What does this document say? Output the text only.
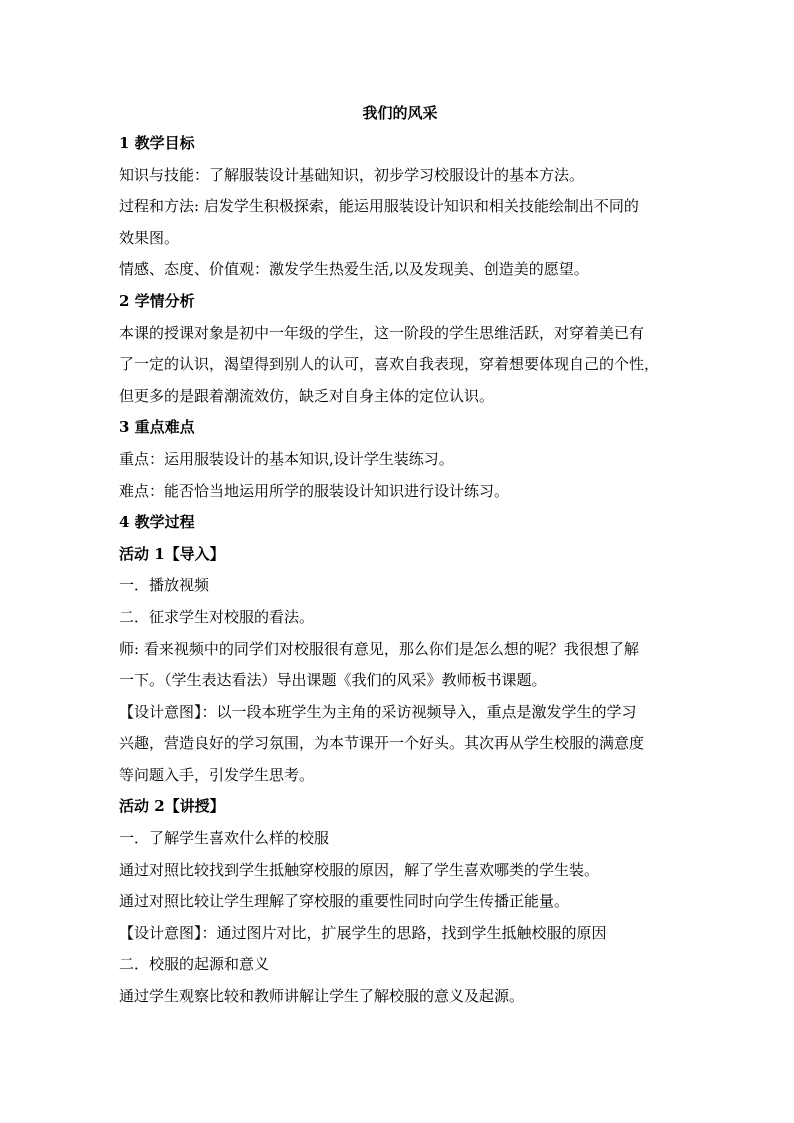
我们的风采

1 教学目标

知识与技能：了解服装设计基础知识，初步学习校服设计的基本方法。

过程和方法: 启发学生积极探索，能运用服装设计知识和相关技能绘制出不同的

效果图。

情感、态度、价值观：激发学生热爱生活,以及发现美、创造美的愿望。

2 学情分析

本课的授课对象是初中一年级的学生，这一阶段的学生思维活跃，对穿着美已有

了一定的认识，渴望得到别人的认可，喜欢自我表现，穿着想要体现自己的个性，

但更多的是跟着潮流效仿，缺乏对自身主体的定位认识。

3 重点难点

重点：运用服装设计的基本知识,设计学生装练习。

难点：能否恰当地运用所学的服装设计知识进行设计练习。

4 教学过程

活动 1【导入】

一．播放视频

二．征求学生对校服的看法。

师: 看来视频中的同学们对校服很有意见，那么你们是怎么想的呢？我很想了解

一下。（学生表达看法）导出课题《我们的风采》教师板书课题。

【设计意图】：以一段本班学生为主角的采访视频导入，重点是激发学生的学习

兴趣，营造良好的学习氛围，为本节课开一个好头。其次再从学生校服的满意度

等问题入手，引发学生思考。

活动 2【讲授】

一．了解学生喜欢什么样的校服

通过对照比较找到学生抵触穿校服的原因，解了学生喜欢哪类的学生装。

通过对照比较让学生理解了穿校服的重要性同时向学生传播正能量。

【设计意图】：通过图片对比，扩展学生的思路，找到学生抵触校服的原因

二．校服的起源和意义

通过学生观察比较和教师讲解让学生了解校服的意义及起源。
